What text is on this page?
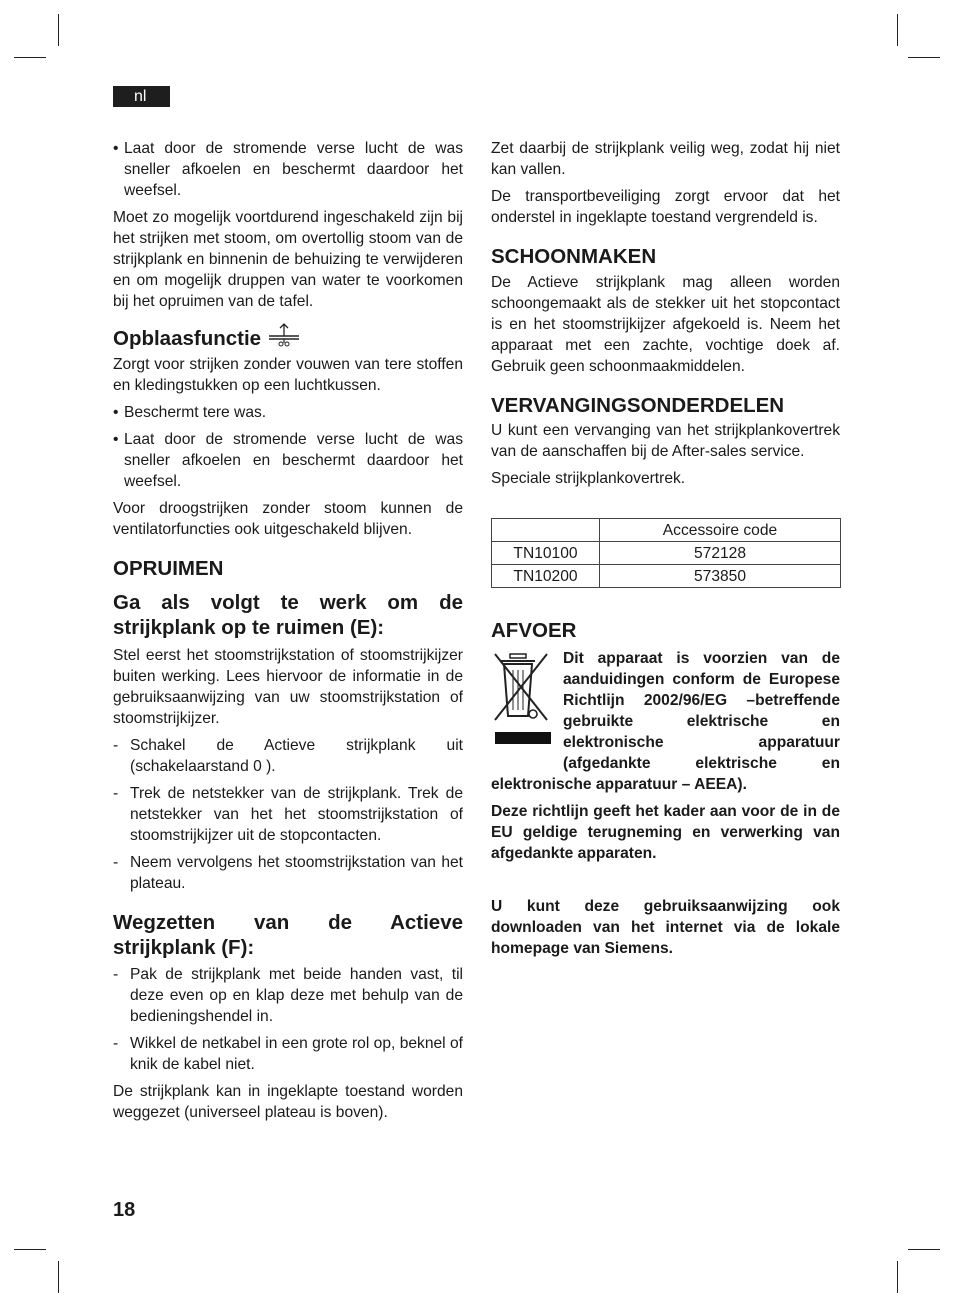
nl
• Laat door de stromende verse lucht de was sneller afkoelen en beschermt daardoor het weefsel.

Moet zo mogelijk voortdurend ingeschakeld zijn bij het strijken met stoom, om overtollig stoom van de strijkplank en binnenin de behuizing te verwijderen en om mogelijk druppen van water te voorkomen bij het opruimen van de tafel.

Opblaasfunctie

Zorgt voor strijken zonder vouwen van tere stoffen en kledingstukken op een luchtkussen.

• Beschermt tere was.
• Laat door de stromende verse lucht de was sneller afkoelen en beschermt daardoor het weefsel.

Voor droogstrijken zonder stoom kunnen de ventilatorfuncties ook uitgeschakeld blijven.

OPRUIMEN
Ga als volgt te werk om de strijkplank op te ruimen (E):

Stel eerst het stoomstrijkstation of stoomstrijkijzer buiten werking. Lees hiervoor de informatie in de gebruiksaanwijzing van uw stoomstrijkstation of stoomstrijkijzer.

- Schakel de Actieve strijkplank uit (schakelaarstand 0 ).
- Trek de netstekker van de strijkplank. Trek de netstekker van het het stoomstrijkstation of stoomstrijkijzer uit de stopcontacten.
- Neem vervolgens het stoomstrijkstation van het plateau.
Wegzetten van de Actieve strijkplank (F):
- Pak de strijkplank met beide handen vast, til deze even op en klap deze met behulp van de bedieningshendel in.
- Wikkel de netkabel in een grote rol op, beknel of knik de kabel niet.

De strijkplank kan in ingeklapte toestand worden weggezet (universeel plateau is boven).

Zet daarbij de strijkplank veilig weg, zodat hij niet kan vallen.

De transportbeveiliging zorgt ervoor dat het onderstel in ingeklapte toestand vergrendeld is.

SCHOONMAKEN

De Actieve strijkplank mag alleen worden schoongemaakt als de stekker uit het stopcontact is en het stoomstrijkijzer afgekoeld is. Neem het apparaat met een zachte, vochtige doek af. Gebruik geen schoonmaakmiddelen.

VERVANGINGSONDERDELEN

U kunt een vervanging van het strijkplankovertrek van de aanschaffen bij de After-sales service.

Speciale strijkplankovertrek.

	Accessoire code
TN10100	572128
TN10200	573850
AFVOER

Dit apparaat is voorzien van de aanduidingen conform de Europese Richtlijn 2002/96/EG –betreffende gebruikte elektrische en elektronische apparatuur (afgedankte elektrische en elektronische apparatuur – AEEA).

Deze richtlijn geeft het kader aan voor de in de EU geldige terugneming en verwerking van afgedankte apparaten.

U kunt deze gebruiksaanwijzing ook downloaden van het internet via de lokale homepage van Siemens.

18
